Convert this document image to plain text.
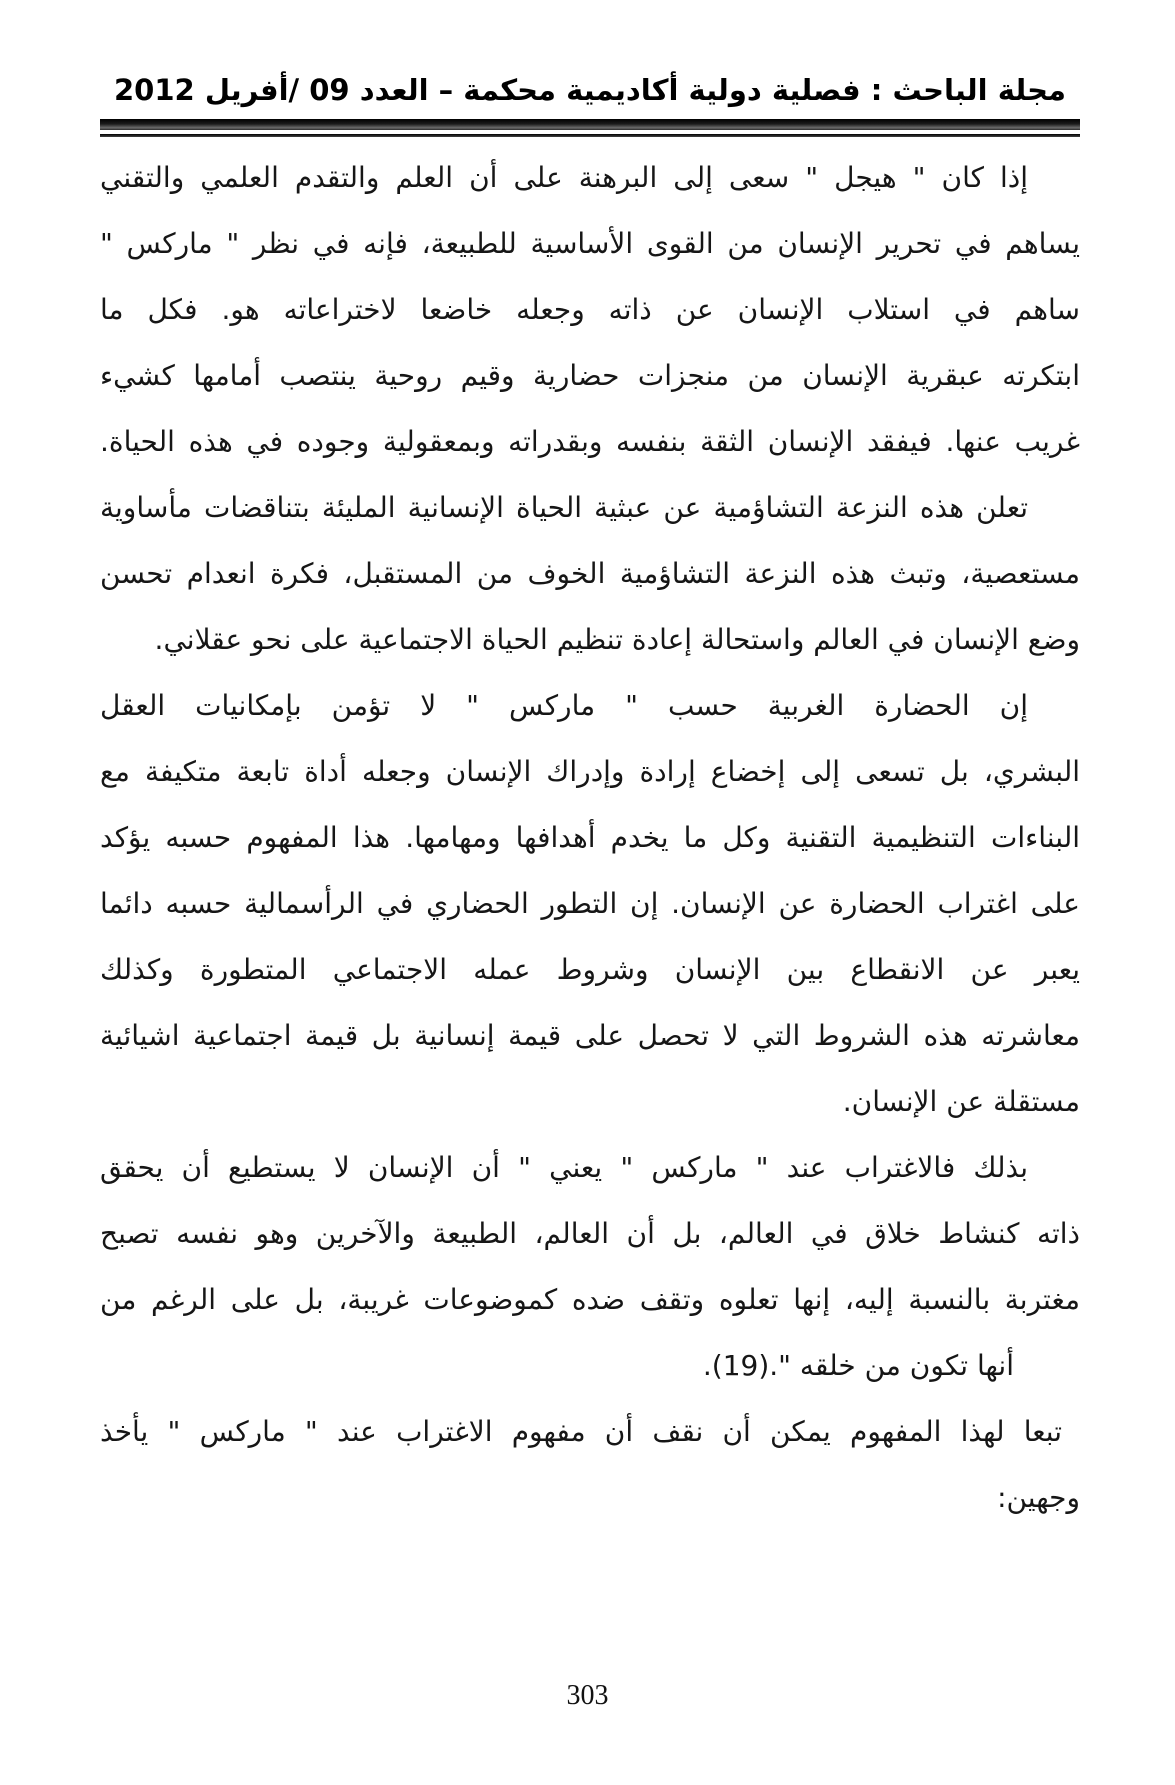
مجلة الباحث : فصلية دولية أكاديمية محكمة – العدد 09 /أفريل 2012
إذا كان " هيجل " سعى إلى البرهنة على أن العلم والتقدم العلمي والتقني
يساهم في تحرير الإنسان من القوى الأساسية للطبيعة، فإنه في نظر " ماركس "
ساهم في استلاب الإنسان عن ذاته وجعله خاضعا لاختراعاته هو. فكل ما
ابتكرته عبقرية الإنسان من منجزات حضارية وقيم روحية ينتصب أمامها كشيء
غريب عنها. فيفقد الإنسان الثقة بنفسه وبقدراته وبمعقولية وجوده في هذه الحياة.
تعلن هذه النزعة التشاؤمية عن عبثية الحياة الإنسانية المليئة بتناقضات مأساوية
مستعصية، وتبث هذه النزعة التشاؤمية الخوف من المستقبل، فكرة انعدام تحسن
وضع الإنسان في العالم واستحالة إعادة تنظيم الحياة الاجتماعية على نحو عقلاني.
إن الحضارة الغربية حسب " ماركس " لا تؤمن بإمكانيات العقل
البشري، بل تسعى إلى إخضاع إرادة وإدراك الإنسان وجعله أداة تابعة متكيفة مع
البناءات التنظيمية التقنية وكل ما يخدم أهدافها ومهامها. هذا المفهوم حسبه يؤكد
على اغتراب الحضارة عن الإنسان. إن التطور الحضاري في الرأسمالية حسبه دائما
يعبر عن الانقطاع بين الإنسان وشروط عمله الاجتماعي المتطورة وكذلك
معاشرته هذه الشروط التي لا تحصل على قيمة إنسانية بل قيمة اجتماعية اشيائية
مستقلة عن الإنسان.
بذلك فالاغتراب عند " ماركس " يعني " أن الإنسان لا يستطيع أن يحقق
ذاته كنشاط خلاق في العالم، بل أن العالم، الطبيعة والآخرين وهو نفسه تصبح
مغتربة بالنسبة إليه، إنها تعلوه وتقف ضده كموضوعات غريبة، بل على الرغم من
أنها تكون من خلقه ".(19).
تبعا لهذا المفهوم يمكن أن نقف أن مفهوم الاغتراب عند " ماركس " يأخذ
وجهين:
303
